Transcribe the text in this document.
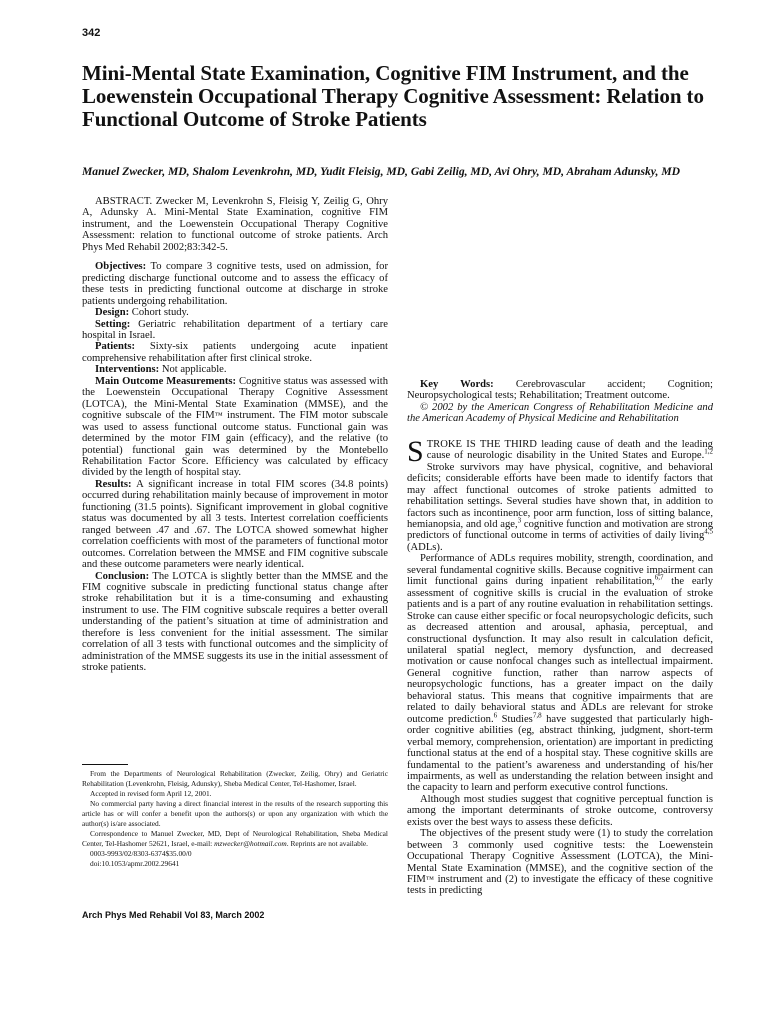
342
Mini-Mental State Examination, Cognitive FIM Instrument, and the Loewenstein Occupational Therapy Cognitive Assessment: Relation to Functional Outcome of Stroke Patients

Manuel Zwecker, MD, Shalom Levenkrohn, MD, Yudit Fleisig, MD, Gabi Zeilig, MD, Avi Ohry, MD, Abraham Adunsky, MD

ABSTRACT. Zwecker M, Levenkrohn S, Fleisig Y, Zeilig G, Ohry A, Adunsky A. Mini-Mental State Examination, cognitive FIM instrument, and the Loewenstein Occupational Therapy Cognitive Assessment: relation to functional outcome of stroke patients. Arch Phys Med Rehabil 2002;83:342-5.

Objectives: To compare 3 cognitive tests, used on admission, for predicting discharge functional outcome and to assess the efficacy of these tests in predicting functional outcome at discharge in stroke patients undergoing rehabilitation.

Design: Cohort study.

Setting: Geriatric rehabilitation department of a tertiary care hospital in Israel.

Patients: Sixty-six patients undergoing acute inpatient comprehensive rehabilitation after first clinical stroke.

Interventions: Not applicable.

Main Outcome Measurements: Cognitive status was assessed with the Loewenstein Occupational Therapy Cognitive Assessment (LOTCA), the Mini-Mental State Examination (MMSE), and the cognitive subscale of the FIM™ instrument. The FIM motor subscale was used to assess functional outcome status. Functional gain was determined by the motor FIM gain (efficacy), and the relative (to potential) functional gain was determined by the Montebello Rehabilitation Factor Score. Efficiency was calculated by efficacy divided by the length of hospital stay.

Results: A significant increase in total FIM scores (34.8 points) occurred during rehabilitation mainly because of improvement in motor functioning (31.5 points). Significant improvement in global cognitive status was documented by all 3 tests. Intertest correlation coefficients ranged between .47 and .67. The LOTCA showed somewhat higher correlation coefficients with most of the parameters of functional motor outcomes. Correlation between the MMSE and FIM cognitive subscale and these outcome parameters were nearly identical.

Conclusion: The LOTCA is slightly better than the MMSE and the FIM cognitive subscale in predicting functional status change after stroke rehabilitation but it is a time-consuming and exhausting instrument to use. The FIM cognitive subscale requires a better overall understanding of the patient’s situation at time of administration and therefore is less convenient for the initial assessment. The similar correlation of all 3 tests with functional outcomes and the simplicity of administration of the MMSE suggests its use in the initial assessment of stroke patients.

Key Words: Cerebrovascular accident; Cognition; Neuropsychological tests; Rehabilitation; Treatment outcome.

© 2002 by the American Congress of Rehabilitation Medicine and the American Academy of Physical Medicine and Rehabilitation

STROKE IS THE THIRD leading cause of death and the leading cause of neurologic disability in the United States and Europe.$^{1,2}$ Stroke survivors may have physical, cognitive, and behavioral deficits; considerable efforts have been made to identify factors that may affect functional outcomes of stroke patients admitted to rehabilitation settings. Several studies have shown that, in addition to factors such as incontinence, poor arm function, loss of sitting balance, hemianopsia, and old age,$^3$ cognitive function and motivation are strong predictors of functional outcome in terms of activities of daily living$^{4,5}$ (ADLs).

Performance of ADLs requires mobility, strength, coordination, and several fundamental cognitive skills. Because cognitive impairment can limit functional gains during inpatient rehabilitation,$^{6,7}$ the early assessment of cognitive skills is crucial in the evaluation of stroke patients and is a part of any routine evaluation in rehabilitation settings. Stroke can cause either specific or focal neuropsychologic deficits, such as decreased attention and arousal, aphasia, perceptual, and constructional dysfunction. It may also result in calculation deficit, unilateral spatial neglect, memory dysfunction, and decreased motivation or cause nonfocal changes such as intellectual impairment. General cognitive function, rather than narrow aspects of neuropsychologic functions, has a greater impact on the daily behavioral status. This means that cognitive impairments that are related to daily behavioral status and ADLs are relevant for stroke outcome prediction.$^6$ Studies$^{7,8}$ have suggested that particularly high-order cognitive abilities (eg, abstract thinking, judgment, short-term verbal memory, comprehension, orientation) are important in predicting functional status at the end of a hospital stay. These cognitive skills are fundamental to the patient’s awareness and understanding of his/her impairments, as well as understanding the relation between insight and the capacity to learn and perform executive control functions.

Although most studies suggest that cognitive perceptual function is among the important determinants of stroke outcome, controversy exists over the best ways to assess these deficits.

The objectives of the present study were (1) to study the correlation between 3 commonly used cognitive tests: the Loewenstein Occupational Therapy Cognitive Assessment (LOTCA), the Mini-Mental State Examination (MMSE), and the cognitive section of the FIM™ instrument and (2) to investigate the efficacy of these cognitive tests in predicting

From the Departments of Neurological Rehabilitation (Zwecker, Zeilig, Ohry) and Geriatric Rehabilitation (Levenkrohn, Fleisig, Adunsky), Sheba Medical Center, Tel-Hashomer, Israel.

Accepted in revised form April 12, 2001.

No commercial party having a direct financial interest in the results of the research supporting this article has or will confer a benefit upon the authors(s) or upon any organization with which the author(s) is/are associated.

Correspondence to Manuel Zwecker, MD, Dept of Neurological Rehabilitation, Sheba Medical Center, Tel-Hashomer 52621, Israel, e-mail: mzwecker@hotmail.com. Reprints are not available.

0003-9993/02/8303-6374$35.00/0

doi:10.1053/apmr.2002.29641

Arch Phys Med Rehabil Vol 83, March 2002
